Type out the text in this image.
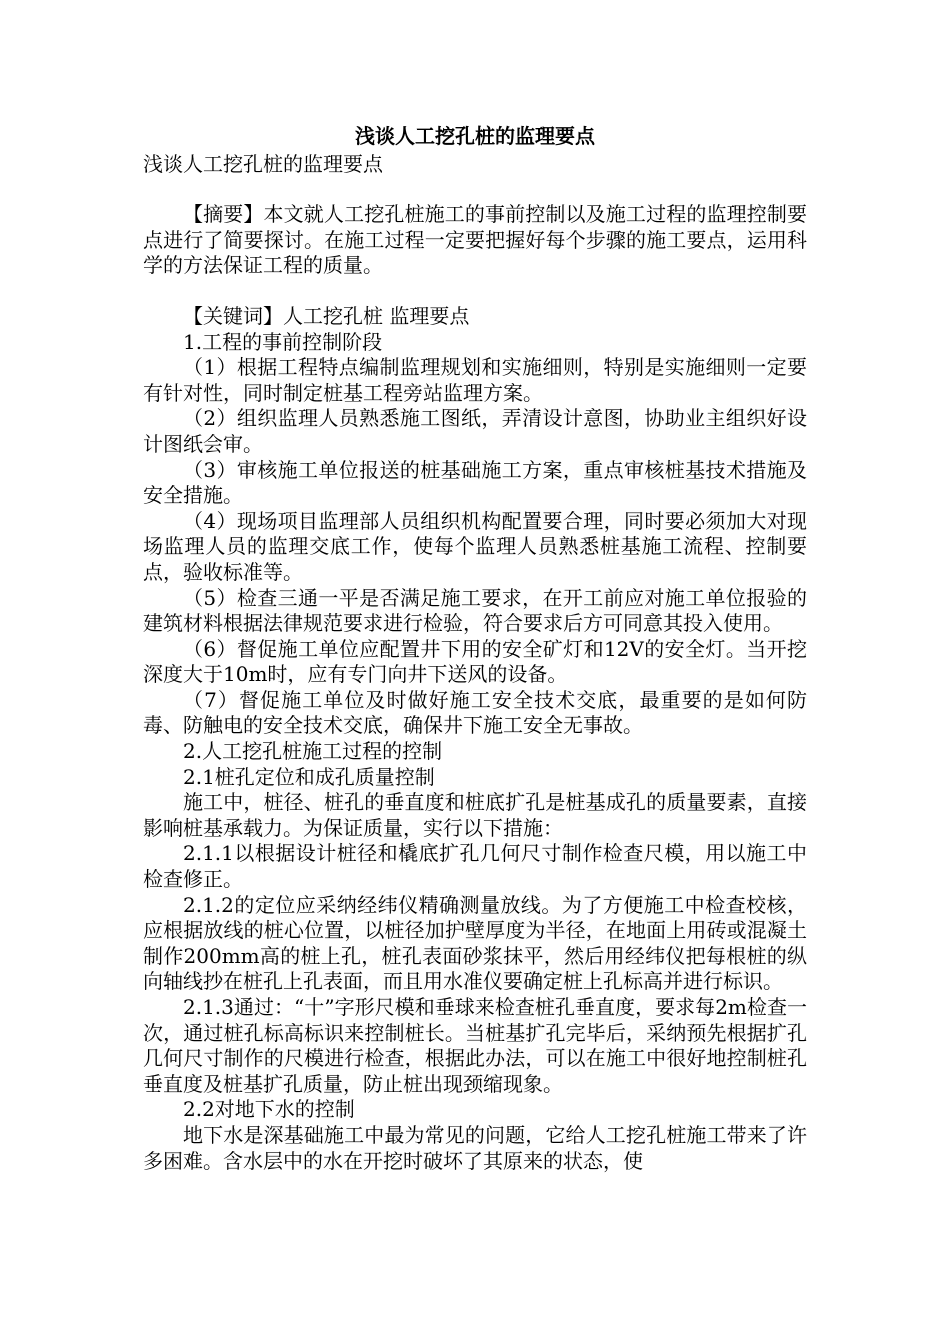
浅谈人工挖孔桩的监理要点
浅谈人工挖孔桩的监理要点
【摘要】本文就人工挖孔桩施工的事前控制以及施工过程的监理控制要点进行了简要探讨。在施工过程一定要把握好每个步骤的施工要点，运用科学的方法保证工程的质量。
【关键词】人工挖孔桩 监理要点
1.工程的事前控制阶段
（1）根据工程特点编制监理规划和实施细则，特别是实施细则一定要有针对性，同时制定桩基工程旁站监理方案。
（2）组织监理人员熟悉施工图纸，弄清设计意图，协助业主组织好设计图纸会审。
（3）审核施工单位报送的桩基础施工方案，重点审核桩基技术措施及安全措施。
（4）现场项目监理部人员组织机构配置要合理，同时要必须加大对现场监理人员的监理交底工作，使每个监理人员熟悉桩基施工流程、控制要点，验收标准等。
（5）检查三通一平是否满足施工要求，在开工前应对施工单位报验的建筑材料根据法律规范要求进行检验，符合要求后方可同意其投入使用。
（6）督促施工单位应配置井下用的安全矿灯和12V的安全灯。当开挖深度大于10m时，应有专门向井下送风的设备。
（7）督促施工单位及时做好施工安全技术交底，最重要的是如何防毒、防触电的安全技术交底，确保井下施工安全无事故。
2.人工挖孔桩施工过程的控制
2.1桩孔定位和成孔质量控制
施工中，桩径、桩孔的垂直度和桩底扩孔是桩基成孔的质量要素，直接影响桩基承载力。为保证质量，实行以下措施：
2.1.1以根据设计桩径和橇底扩孔几何尺寸制作检查尺模，用以施工中检查修正。
2.1.2的定位应采纳经纬仪精确测量放线。为了方便施工中检查校核，应根据放线的桩心位置，以桩径加护壁厚度为半径，在地面上用砖或混凝土制作200mm高的桩上孔，桩孔表面砂浆抹平，然后用经纬仪把每根桩的纵向轴线抄在桩孔上孔表面，而且用水准仪要确定桩上孔标高并进行标识。
2.1.3通过：“十”字形尺模和垂球来检查桩孔垂直度，要求每2m检查一次，通过桩孔标高标识来控制桩长。当桩基扩孔完毕后，采纳预先根据扩孔几何尺寸制作的尺模进行检查，根据此办法，可以在施工中很好地控制桩孔垂直度及桩基扩孔质量，防止桩出现颈缩现象。
2.2对地下水的控制
地下水是深基础施工中最为常见的问题，它给人工挖孔桩施工带来了许多困难。含水层中的水在开挖时破坏了其原来的状态，使
